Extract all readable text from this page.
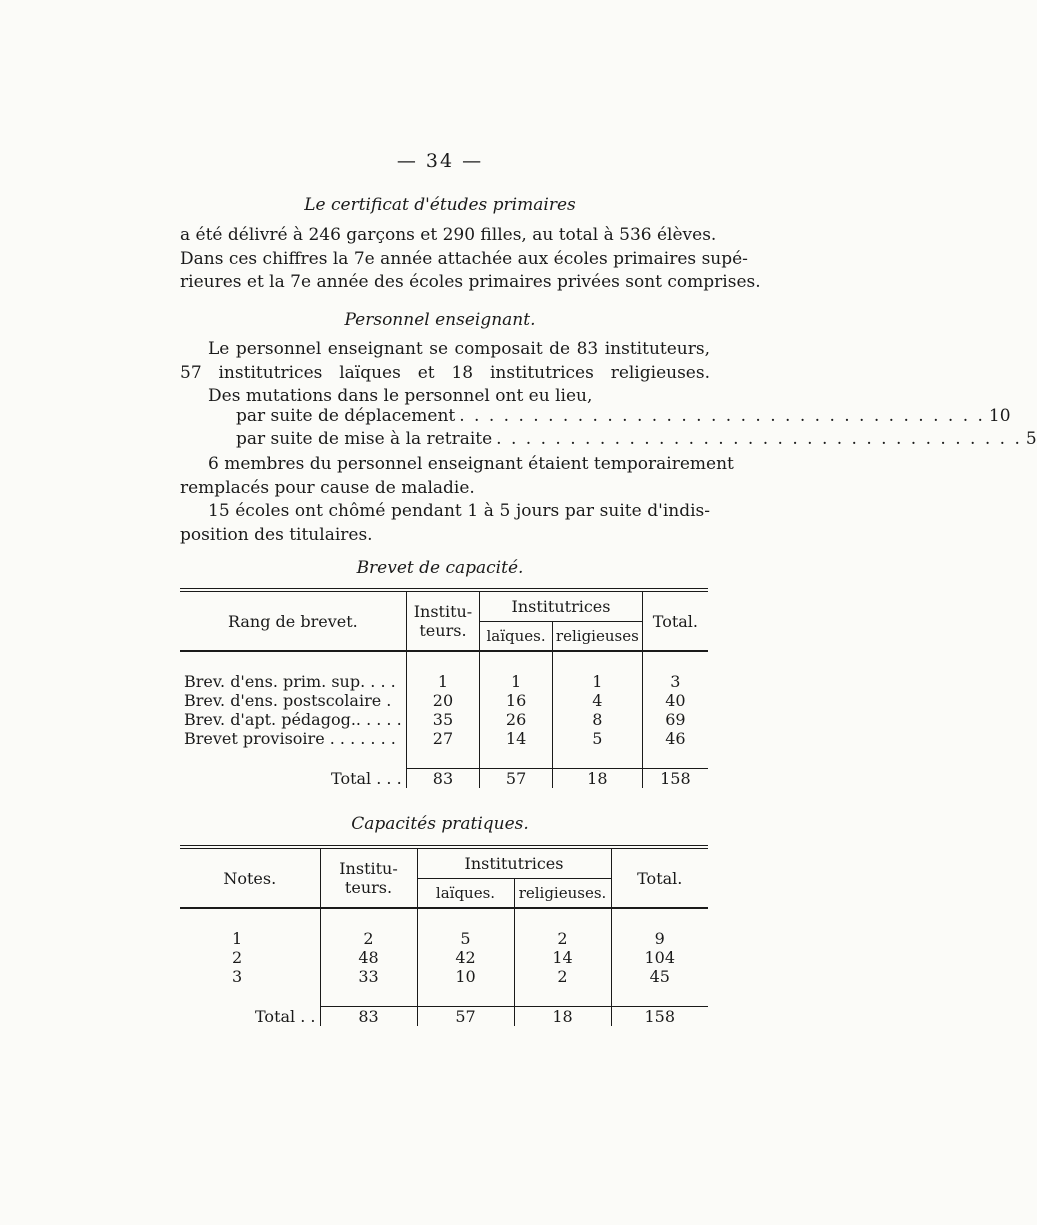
— 34 —
Le certificat d'études primaires
a été délivré à 246 garçons et 290 filles, au total à 536 élèves.
Dans ces chiffres la 7e année attachée aux écoles primaires supé-
rieures et la 7e année des écoles primaires privées sont comprises.
Personnel enseignant.
Le personnel enseignant se composait de 83 instituteurs,
57 institutrices laïques et 18 institutrices religieuses.
Des mutations dans le personnel ont eu lieu,
par suite de déplacement . . . . . . . . . . . . . . . . . . . . . . . . . . . . . . . . . . . . 10
par suite de mise à la retraite . . . . . . . . . . . . . . . . . . . . . . . . . . . . . . . . . . . . 5
6 membres du personnel enseignant étaient temporairement
remplacés pour cause de maladie.
15 écoles ont chômé pendant 1 à 5 jours par suite d'indis-
position des titulaires.
Brevet de capacité.
Rang de brevet.	Institu- teurs.	Institutrices		Total.
		laïques.	religieuses	

Brev. d'ens. prim. sup. . . .	1	1	1	3
Brev. d'ens. postscolaire .	20	16	4	40
Brev. d'apt. pédagog.. . . . .	35	26	8	69
Brevet provisoire . . . . . . .	27	14	5	46

Total . . .	83	57	18	158
Capacités pratiques.
Notes.	Institu- teurs.	Institutrices		Total.
		laïques.	religieuses.	

1	2	5	2	9
2	48	42	14	104
3	33	10	2	45

Total . .	83	57	18	158
